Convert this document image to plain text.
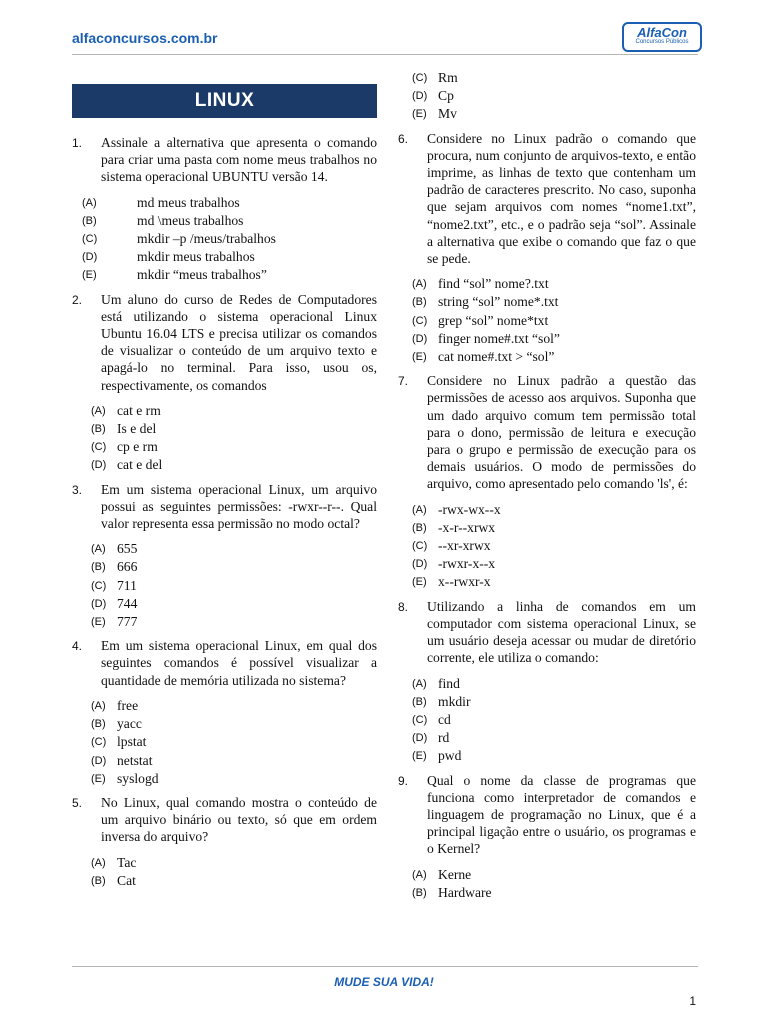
alfaconcursos.com.br	AlfaCon
Concursos Públicos
LINUX
1.	Assinale a alternativa que apresenta o comando para criar uma pasta com nome meus trabalhos no sistema operacional UBUNTU versão 14.
(A)	md meus trabalhos
(B)	md \meus trabalhos
(C)	mkdir –p /meus/trabalhos
(D)	mkdir meus trabalhos
(E)	mkdir “meus trabalhos”
2.	Um aluno do curso de Redes de Computadores está utilizando o sistema operacional Linux Ubuntu 16.04 LTS e precisa utilizar os comandos de visualizar o conteúdo de um arquivo texto e apagá-lo no terminal. Para isso, usou os, respectivamente, os comandos
(A) cat e rm
(B) Is e del
(C) cp e rm
(D) cat e del
3.	Em um sistema operacional Linux, um arquivo possui as seguintes permissões: -rwxr--r--. Qual valor representa essa permissão no modo octal?
(A) 655
(B) 666
(C) 711
(D) 744
(E) 777
4.	Em um sistema operacional Linux, em qual dos seguintes comandos é possível visualizar a quantidade de memória utilizada no sistema?
(A) free
(B) yacc
(C) lpstat
(D) netstat
(E) syslogd
5.	No Linux, qual comando mostra o conteúdo de um arquivo binário ou texto, só que em ordem inversa do arquivo?
(A) Tac
(B) Cat
(C) Rm
(D) Cp
(E) Mv
6.	Considere no Linux padrão o comando que procura, num conjunto de arquivos-texto, e então imprime, as linhas de texto que contenham um padrão de caracteres prescrito. No caso, suponha que sejam arquivos com nomes “nome1.txt”, “nome2.txt”, etc., e o padrão seja “sol”. Assinale a alternativa que exibe o comando que faz o que se pede.
(A) find “sol” nome?.txt
(B) string “sol” nome*.txt
(C) grep “sol” nome*txt
(D) finger nome#.txt “sol”
(E) cat nome#.txt > “sol”
7.	Considere no Linux padrão a questão das permissões de acesso aos arquivos. Suponha que um dado arquivo comum tem permissão total para o dono, permissão de leitura e execução para o grupo e permissão de execução para os demais usuários. O modo de permissões do arquivo, como apresentado pelo comando 'ls', é:
(A) -rwx-wx--x
(B) -x-r--xrwx
(C) --xr-xrwx
(D) -rwxr-x--x
(E) x--rwxr-x
8.	Utilizando a linha de comandos em um computador com sistema operacional Linux, se um usuário deseja acessar ou mudar de diretório corrente, ele utiliza o comando:
(A) find
(B) mkdir
(C) cd
(D) rd
(E) pwd
9.	Qual o nome da classe de programas que funciona como interpretador de comandos e linguagem de programação no Linux, que é a principal ligação entre o usuário, os programas e o Kernel?
(A) Kerne
(B) Hardware
MUDE SUA VIDA!
1
